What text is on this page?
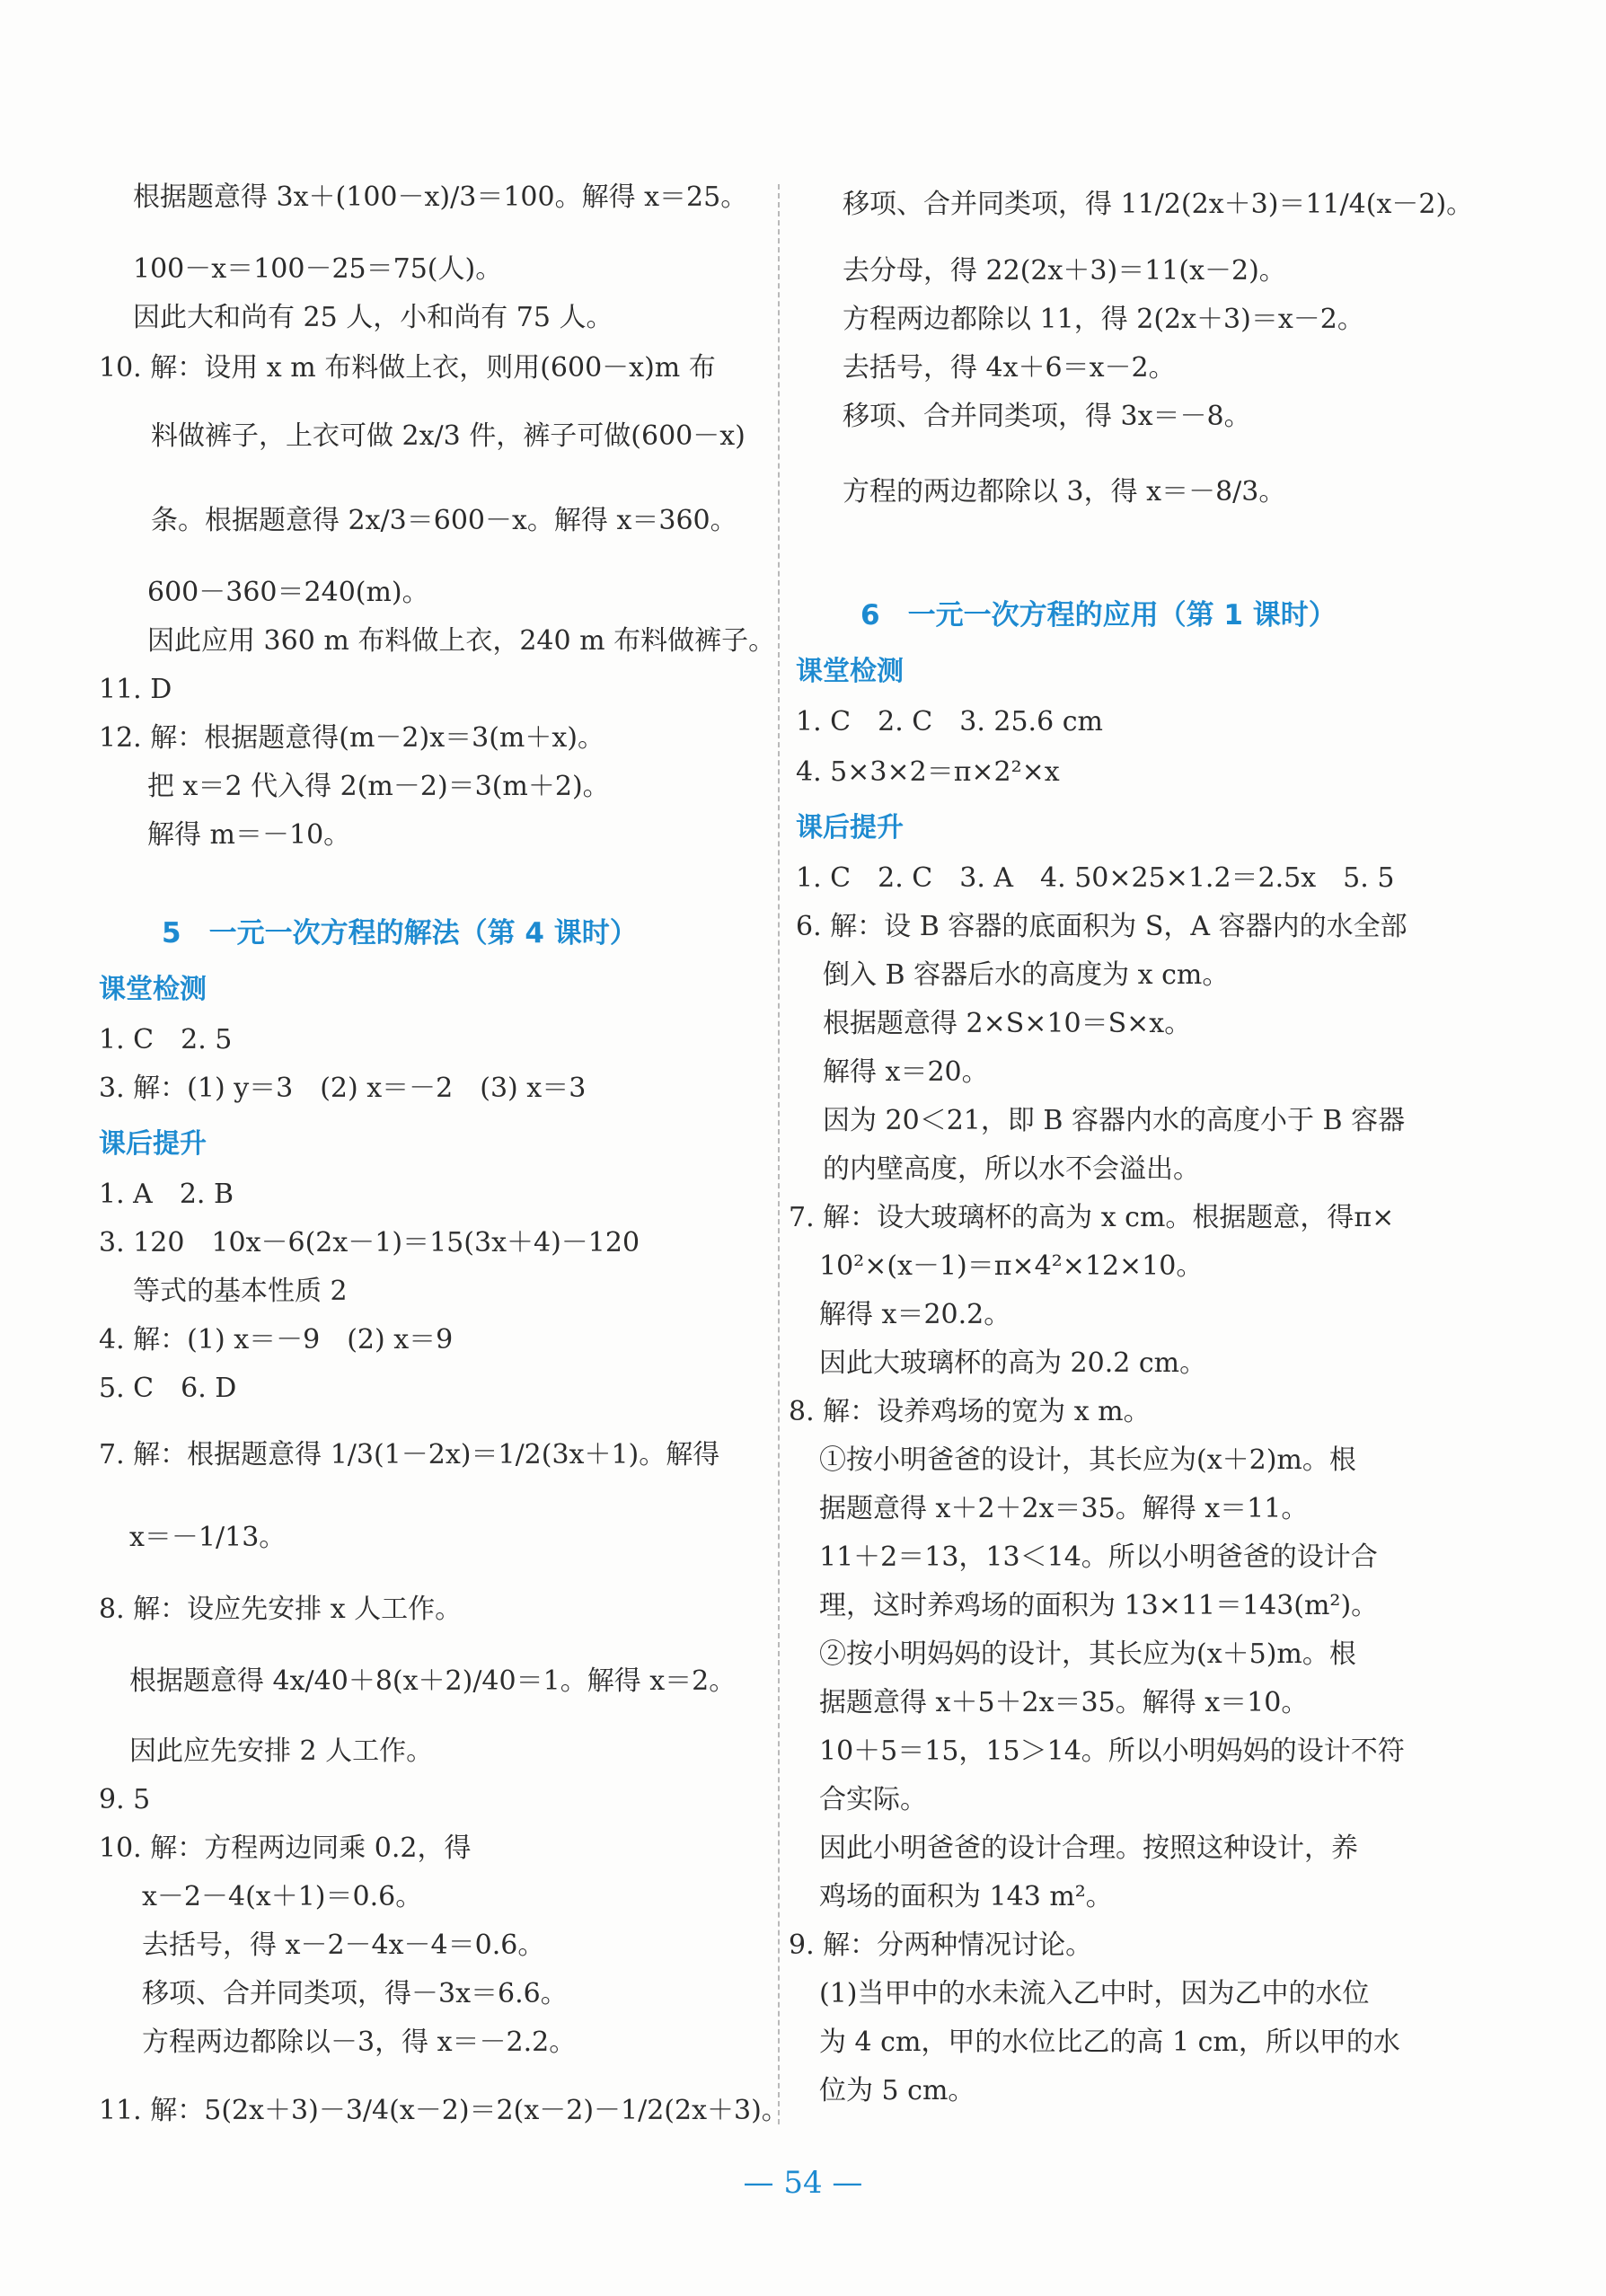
根据题意得 3x＋(100－x)/3＝100。解得 x＝25。
100－x＝100－25＝75(人)。
因此大和尚有 25 人，小和尚有 75 人。
10. 解：设用 x m 布料做上衣，则用(600－x)m 布
料做裤子，上衣可做 2x/3 件，裤子可做(600－x)
条。根据题意得 2x/3＝600－x。解得 x＝360。
600－360＝240(m)。
因此应用 360 m 布料做上衣，240 m 布料做裤子。
11. D
12. 解：根据题意得(m－2)x＝3(m＋x)。
把 x＝2 代入得 2(m－2)＝3(m＋2)。
解得 m＝－10。
5　一元一次方程的解法（第 4 课时）
课堂检测
1. C　2. 5
3. 解：(1) y＝3　(2) x＝－2　(3) x＝3
课后提升
1. A　2. B
3. 120　10x－6(2x－1)＝15(3x＋4)－120
等式的基本性质 2
4. 解：(1) x＝－9　(2) x＝9
5. C　6. D
7. 解：根据题意得 1/3(1－2x)＝1/2(3x＋1)。解得
x＝－1/13。
8. 解：设应先安排 x 人工作。
根据题意得 4x/40＋8(x＋2)/40＝1。解得 x＝2。
因此应先安排 2 人工作。
9. 5
10. 解：方程两边同乘 0.2，得
x－2－4(x＋1)＝0.6。
去括号，得 x－2－4x－4＝0.6。
移项、合并同类项，得－3x＝6.6。
方程两边都除以－3，得 x＝－2.2。
11. 解：5(2x＋3)－3/4(x－2)＝2(x－2)－1/2(2x＋3)。
移项、合并同类项，得 11/2(2x＋3)＝11/4(x－2)。
去分母，得 22(2x＋3)＝11(x－2)。
方程两边都除以 11，得 2(2x＋3)＝x－2。
去括号，得 4x＋6＝x－2。
移项、合并同类项，得 3x＝－8。
方程的两边都除以 3，得 x＝－8/3。
6　一元一次方程的应用（第 1 课时）
课堂检测
1. C　2. C　3. 25.6 cm
4. 5×3×2＝π×2²×x
课后提升
1. C　2. C　3. A　4. 50×25×1.2＝2.5x　5. 5
6. 解：设 B 容器的底面积为 S，A 容器内的水全部
倒入 B 容器后水的高度为 x cm。
根据题意得 2×S×10＝S×x。
解得 x＝20。
因为 20＜21，即 B 容器内水的高度小于 B 容器
的内壁高度，所以水不会溢出。
7. 解：设大玻璃杯的高为 x cm。根据题意，得π×
10²×(x－1)＝π×4²×12×10。
解得 x＝20.2。
因此大玻璃杯的高为 20.2 cm。
8. 解：设养鸡场的宽为 x m。
①按小明爸爸的设计，其长应为(x＋2)m。根
据题意得 x＋2＋2x＝35。解得 x＝11。
11＋2＝13，13＜14。所以小明爸爸的设计合
理，这时养鸡场的面积为 13×11＝143(m²)。
②按小明妈妈的设计，其长应为(x＋5)m。根
据题意得 x＋5＋2x＝35。解得 x＝10。
10＋5＝15，15＞14。所以小明妈妈的设计不符
合实际。
因此小明爸爸的设计合理。按照这种设计，养
鸡场的面积为 143 m²。
9. 解：分两种情况讨论。
(1)当甲中的水未流入乙中时，因为乙中的水位
为 4 cm，甲的水位比乙的高 1 cm，所以甲的水
位为 5 cm。
— 54 —
